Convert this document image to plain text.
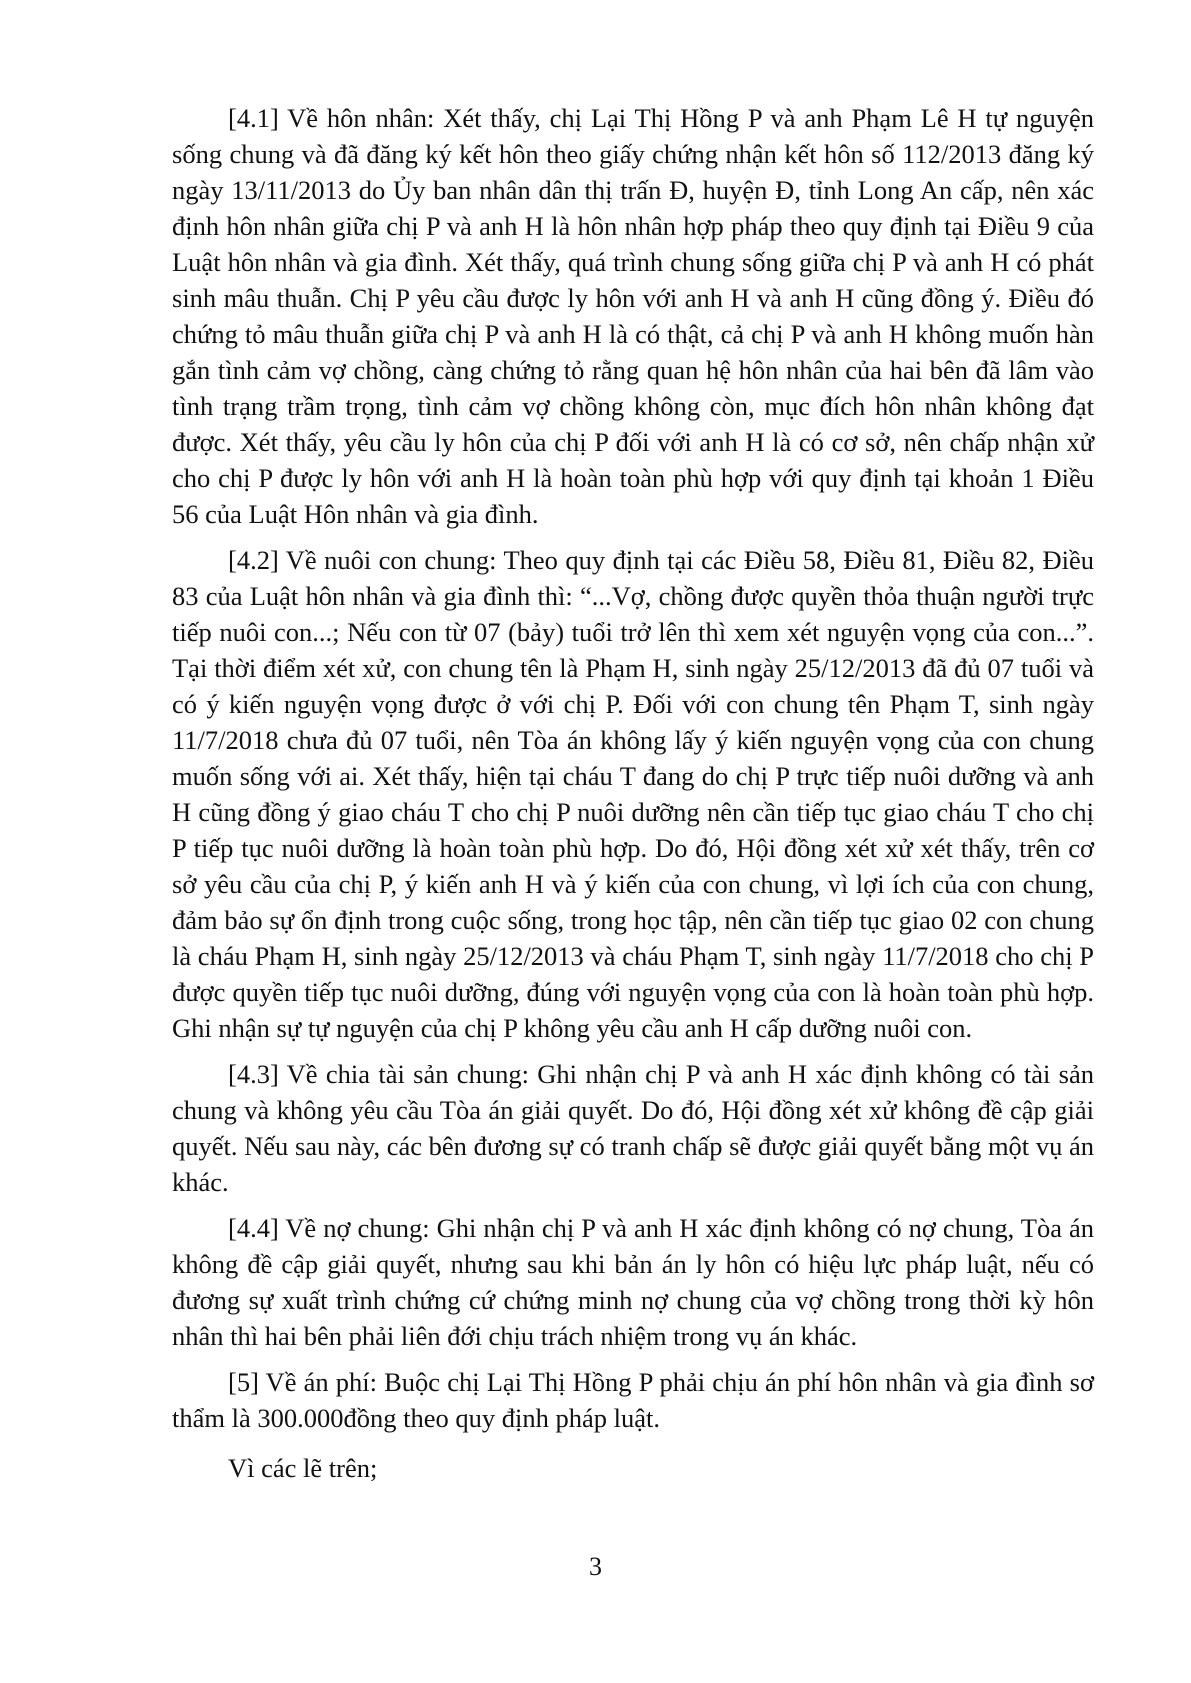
[4.1] Về hôn nhân: Xét thấy, chị Lại Thị Hồng P và anh Phạm Lê H tự nguyện sống chung và đã đăng ký kết hôn theo giấy chứng nhận kết hôn số 112/2013 đăng ký ngày 13/11/2013 do Ủy ban nhân dân thị trấn Đ, huyện Đ, tỉnh Long An cấp, nên xác định hôn nhân giữa chị P và anh H là hôn nhân hợp pháp theo quy định tại Điều 9 của Luật hôn nhân và gia đình. Xét thấy, quá trình chung sống giữa chị P và anh H có phát sinh mâu thuẫn. Chị P yêu cầu được ly hôn với anh H và anh H cũng đồng ý. Điều đó chứng tỏ mâu thuẫn giữa chị P và anh H là có thật, cả chị P và anh H không muốn hàn gắn tình cảm vợ chồng, càng chứng tỏ rằng quan hệ hôn nhân của hai bên đã lâm vào tình trạng trầm trọng, tình cảm vợ chồng không còn, mục đích hôn nhân không đạt được. Xét thấy, yêu cầu ly hôn của chị P đối với anh H là có cơ sở, nên chấp nhận xử cho chị P được ly hôn với anh H là hoàn toàn phù hợp với quy định tại khoản 1 Điều 56 của Luật Hôn nhân và gia đình.

[4.2] Về nuôi con chung: Theo quy định tại các Điều 58, Điều 81, Điều 82, Điều 83 của Luật hôn nhân và gia đình thì: “...Vợ, chồng được quyền thỏa thuận người trực tiếp nuôi con...; Nếu con từ 07 (bảy) tuổi trở lên thì xem xét nguyện vọng của con...”. Tại thời điểm xét xử, con chung tên là Phạm H, sinh ngày 25/12/2013 đã đủ 07 tuổi và có ý kiến nguyện vọng được ở với chị P. Đối với con chung tên Phạm T, sinh ngày 11/7/2018 chưa đủ 07 tuổi, nên Tòa án không lấy ý kiến nguyện vọng của con chung muốn sống với ai. Xét thấy, hiện tại cháu T đang do chị P trực tiếp nuôi dưỡng và anh H cũng đồng ý giao cháu T cho chị P nuôi dưỡng nên cần tiếp tục giao cháu T cho chị P tiếp tục nuôi dưỡng là hoàn toàn phù hợp. Do đó, Hội đồng xét xử xét thấy, trên cơ sở yêu cầu của chị P, ý kiến anh H và ý kiến của con chung, vì lợi ích của con chung, đảm bảo sự ổn định trong cuộc sống, trong học tập, nên cần tiếp tục giao 02 con chung là cháu Phạm H, sinh ngày 25/12/2013 và cháu Phạm T, sinh ngày 11/7/2018 cho chị P được quyền tiếp tục nuôi dưỡng, đúng với nguyện vọng của con là hoàn toàn phù hợp. Ghi nhận sự tự nguyện của chị P không yêu cầu anh H cấp dưỡng nuôi con.

[4.3] Về chia tài sản chung: Ghi nhận chị P và anh H xác định không có tài sản chung và không yêu cầu Tòa án giải quyết. Do đó, Hội đồng xét xử không đề cập giải quyết. Nếu sau này, các bên đương sự có tranh chấp sẽ được giải quyết bằng một vụ án khác.

[4.4] Về nợ chung: Ghi nhận chị P và anh H xác định không có nợ chung, Tòa án không đề cập giải quyết, nhưng sau khi bản án ly hôn có hiệu lực pháp luật, nếu có đương sự xuất trình chứng cứ chứng minh nợ chung của vợ chồng trong thời kỳ hôn nhân thì hai bên phải liên đới chịu trách nhiệm trong vụ án khác.

[5] Về án phí: Buộc chị Lại Thị Hồng P phải chịu án phí hôn nhân và gia đình sơ thẩm là 300.000đồng theo quy định pháp luật.

Vì các lẽ trên;

3
